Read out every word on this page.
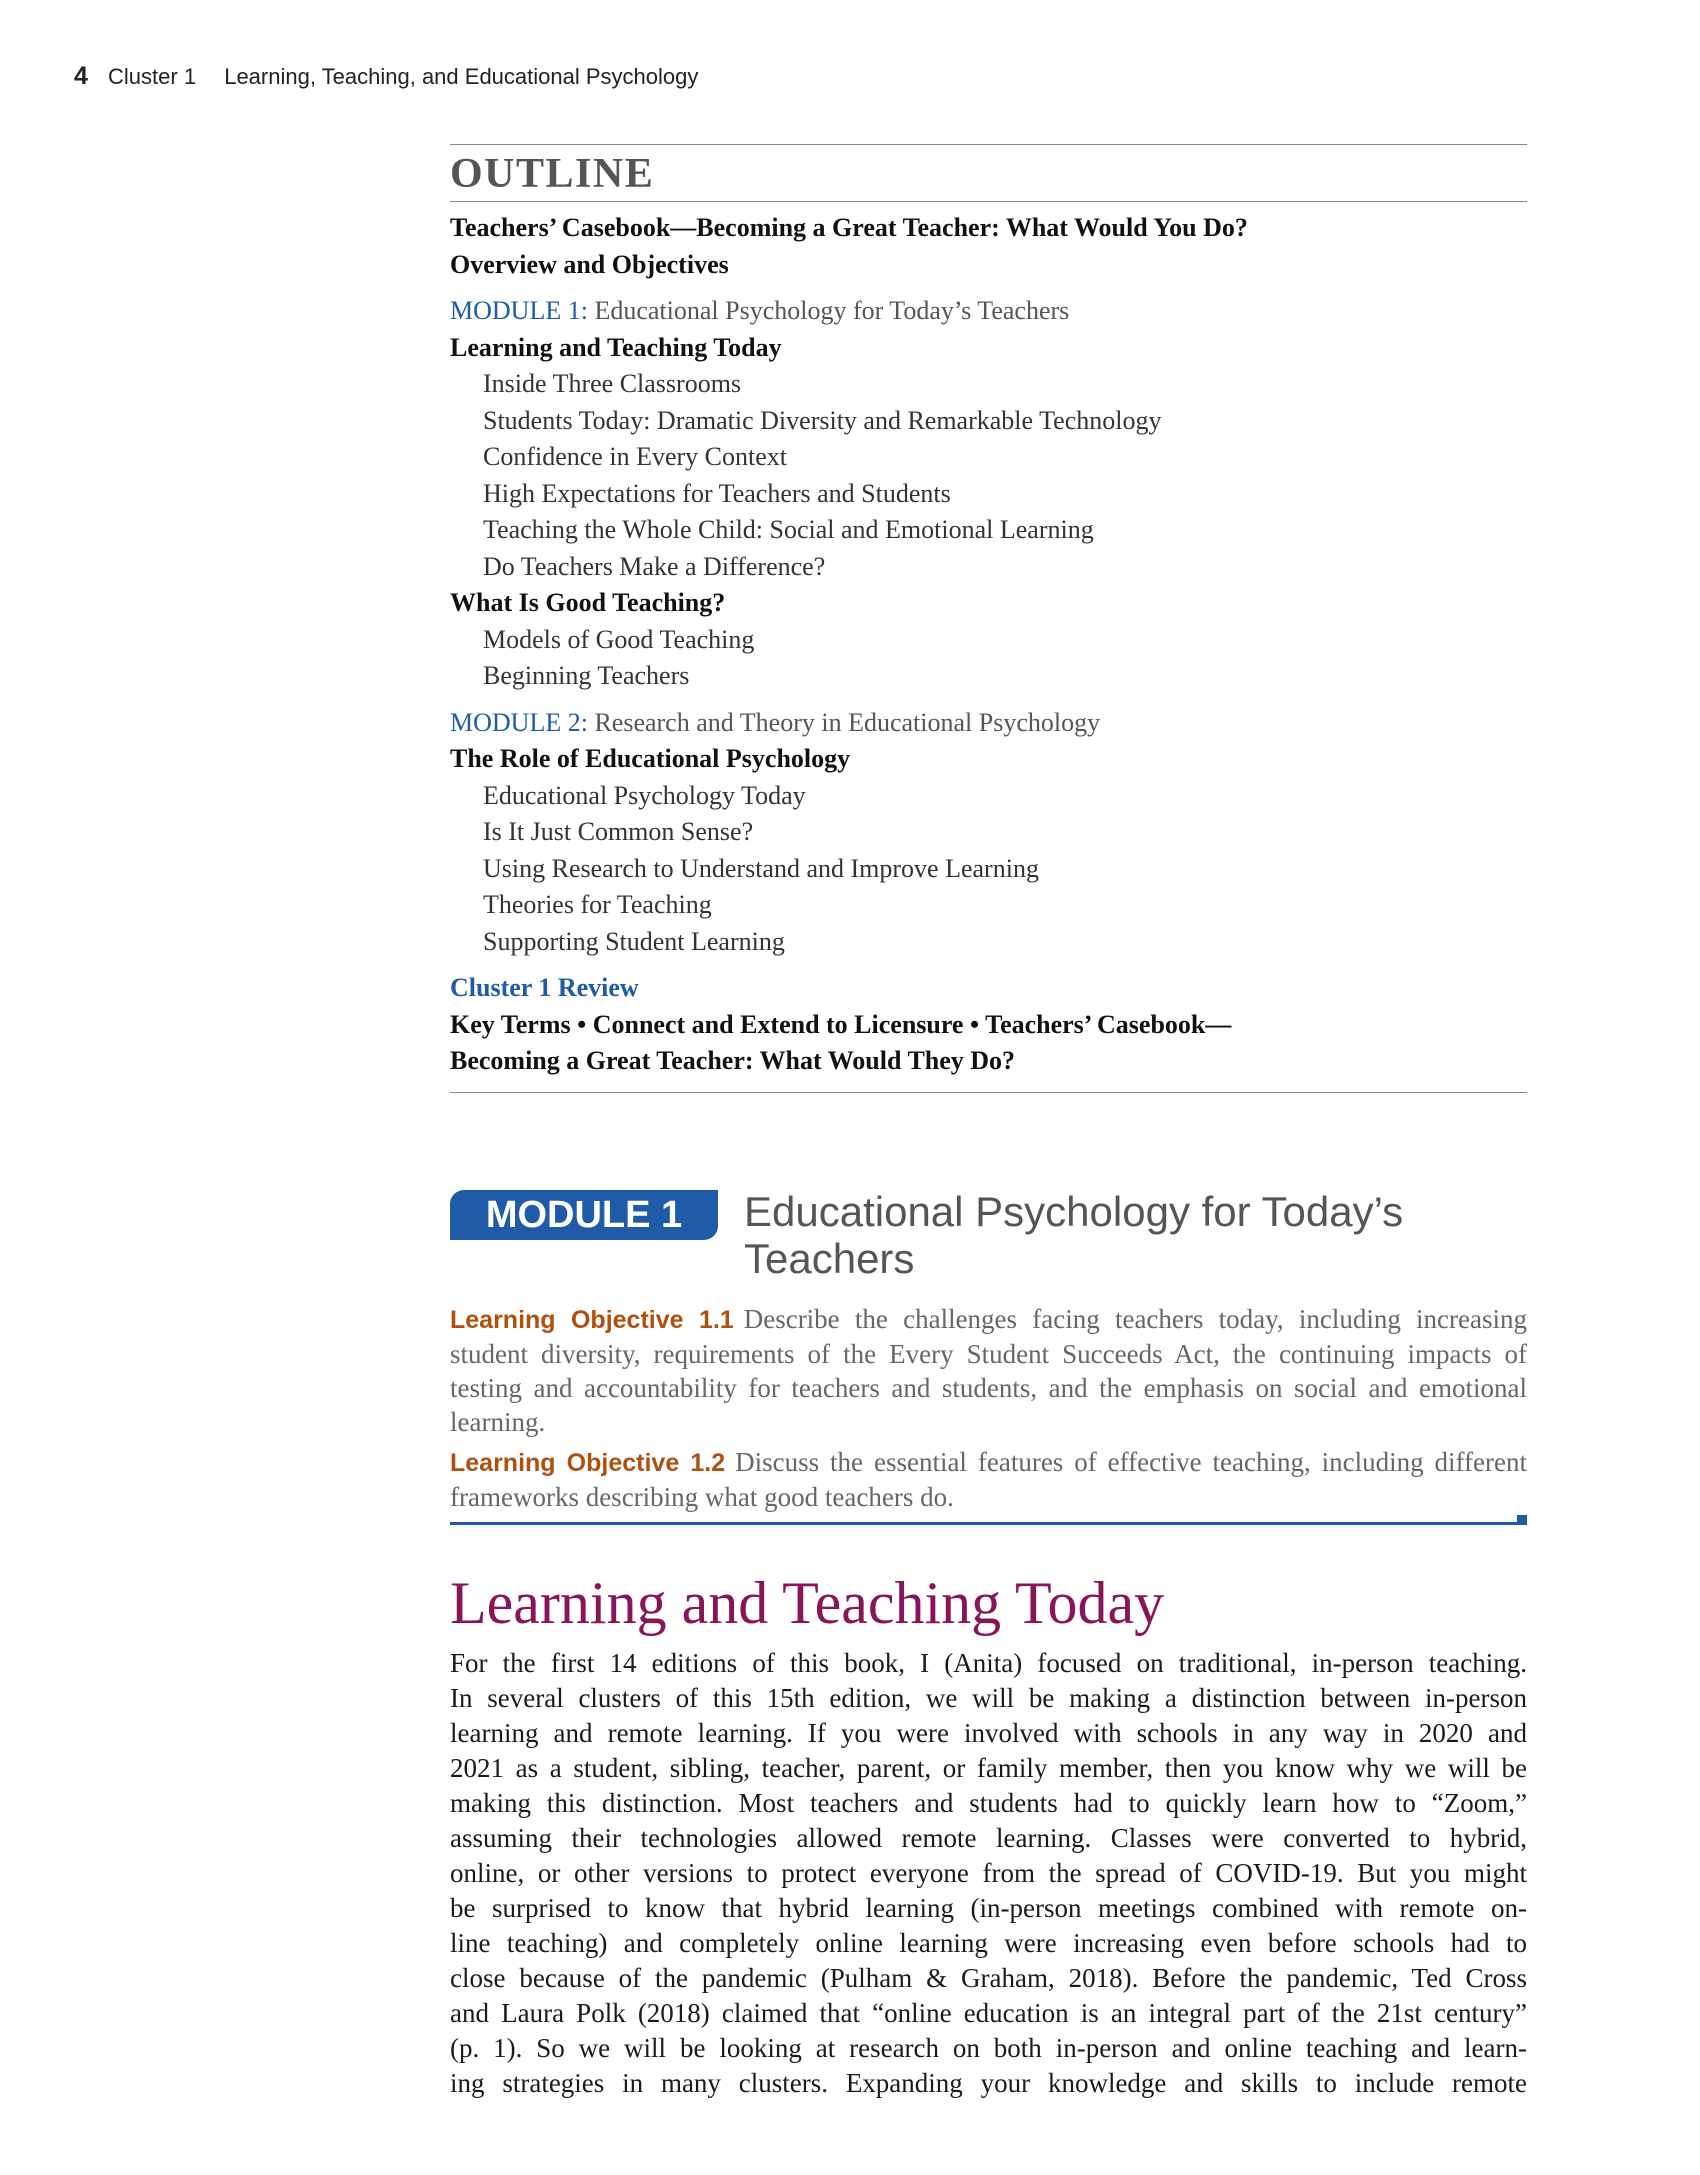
4 Cluster 1 Learning, Teaching, and Educational Psychology
OUTLINE
Teachers’ Casebook—Becoming a Great Teacher: What Would You Do?
Overview and Objectives
MODULE 1: Educational Psychology for Today’s Teachers
Learning and Teaching Today
Inside Three Classrooms
Students Today: Dramatic Diversity and Remarkable Technology
Confidence in Every Context
High Expectations for Teachers and Students
Teaching the Whole Child: Social and Emotional Learning
Do Teachers Make a Difference?
What Is Good Teaching?
Models of Good Teaching
Beginning Teachers
MODULE 2: Research and Theory in Educational Psychology
The Role of Educational Psychology
Educational Psychology Today
Is It Just Common Sense?
Using Research to Understand and Improve Learning
Theories for Teaching
Supporting Student Learning
Cluster 1 Review
Key Terms • Connect and Extend to Licensure • Teachers’ Casebook—
Becoming a Great Teacher: What Would They Do?
MODULE 1	Educational Psychology for Today’s
Teachers
Learning Objective 1.1 Describe the challenges facing teachers today, including increasing student diversity, requirements of the Every Student Succeeds Act, the continuing impacts of testing and accountability for teachers and students, and the emphasis on social and emotional learning.
Learning Objective 1.2 Discuss the essential features of effective teaching, including different frameworks describing what good teachers do.
Learning and Teaching Today
For the first 14 editions of this book, I (Anita) focused on traditional, in-person teaching.
In several clusters of this 15th edition, we will be making a distinction between in-person
learning and remote learning. If you were involved with schools in any way in 2020 and
2021 as a student, sibling, teacher, parent, or family member, then you know why we will be
making this distinction. Most teachers and students had to quickly learn how to “Zoom,”
assuming their technologies allowed remote learning. Classes were converted to hybrid,
online, or other versions to protect everyone from the spread of COVID-19. But you might
be surprised to know that hybrid learning (in-person meetings combined with remote on-
line teaching) and completely online learning were increasing even before schools had to
close because of the pandemic (Pulham & Graham, 2018). Before the pandemic, Ted Cross
and Laura Polk (2018) claimed that “online education is an integral part of the 21st century”
(p. 1). So we will be looking at research on both in-person and online teaching and learn-
ing strategies in many clusters. Expanding your knowledge and skills to include remote
